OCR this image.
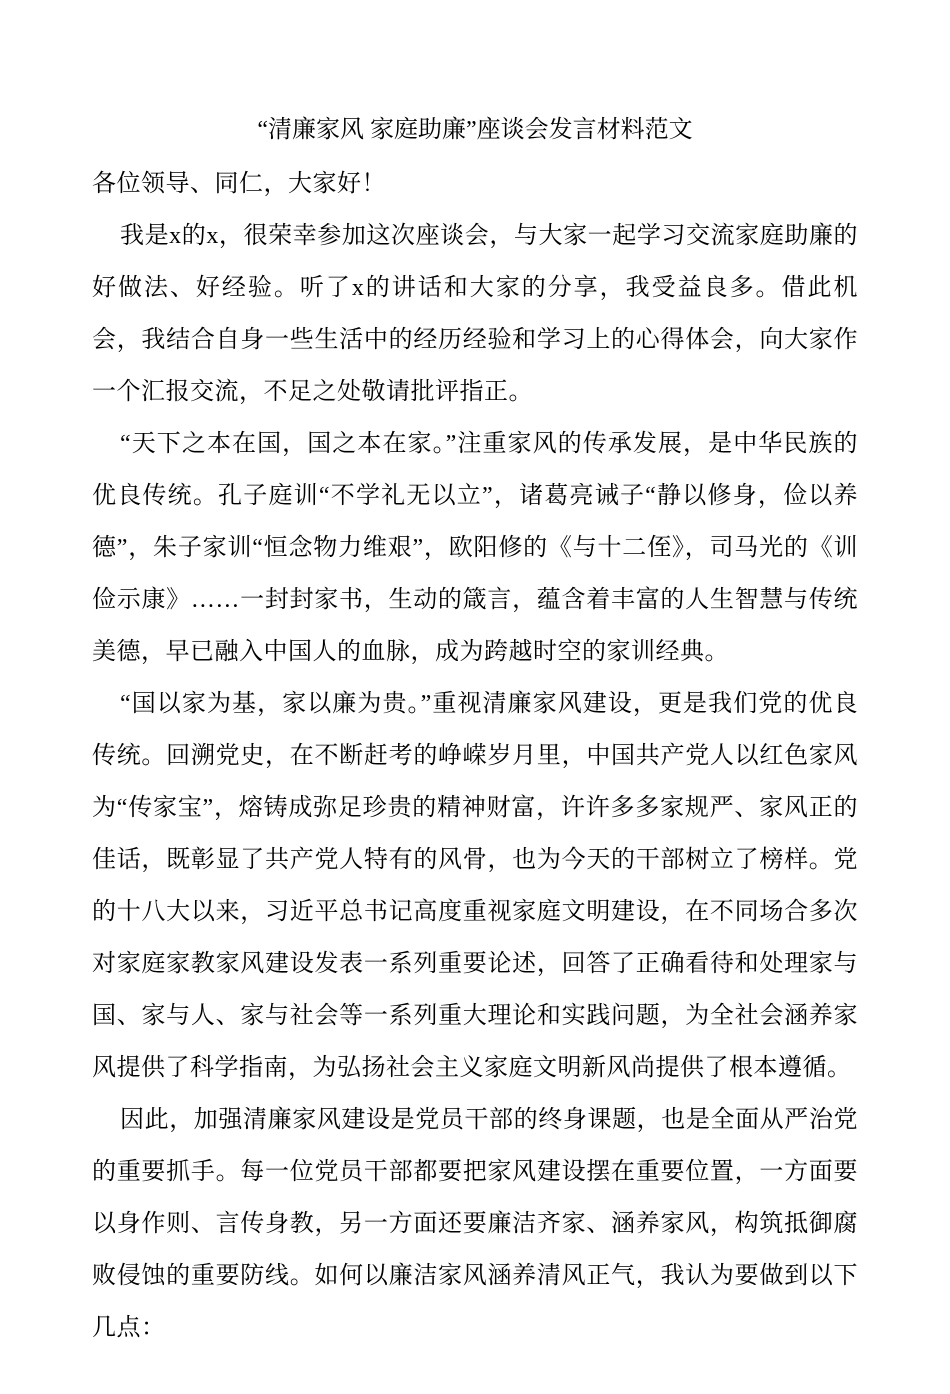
“清廉家风 家庭助廉”座谈会发言材料范文

各位领导、同仁，大家好！

我是x的x，很荣幸参加这次座谈会，与大家一起学习交流家庭助廉的好做法、好经验。听了x的讲话和大家的分享，我受益良多。借此机会，我结合自身一些生活中的经历经验和学习上的心得体会，向大家作一个汇报交流，不足之处敬请批评指正。

“天下之本在国，国之本在家。”注重家风的传承发展，是中华民族的优良传统。孔子庭训“不学礼无以立”，诸葛亮诫子“静以修身，俭以养德”，朱子家训“恒念物力维艰”，欧阳修的《与十二侄》，司马光的《训俭示康》……一封封家书，生动的箴言，蕴含着丰富的人生智慧与传统美德，早已融入中国人的血脉，成为跨越时空的家训经典。

“国以家为基，家以廉为贵。”重视清廉家风建设，更是我们党的优良传统。回溯党史，在不断赶考的峥嵘岁月里，中国共产党人以红色家风为“传家宝”，熔铸成弥足珍贵的精神财富，许许多多家规严、家风正的佳话，既彰显了共产党人特有的风骨，也为今天的干部树立了榜样。党的十八大以来，习近平总书记高度重视家庭文明建设，在不同场合多次对家庭家教家风建设发表一系列重要论述，回答了正确看待和处理家与国、家与人、家与社会等一系列重大理论和实践问题，为全社会涵养家风提供了科学指南，为弘扬社会主义家庭文明新风尚提供了根本遵循。

因此，加强清廉家风建设是党员干部的终身课题，也是全面从严治党的重要抓手。每一位党员干部都要把家风建设摆在重要位置，一方面要以身作则、言传身教，另一方面还要廉洁齐家、涵养家风，构筑抵御腐败侵蚀的重要防线。如何以廉洁家风涵养清风正气，我认为要做到以下几点：
